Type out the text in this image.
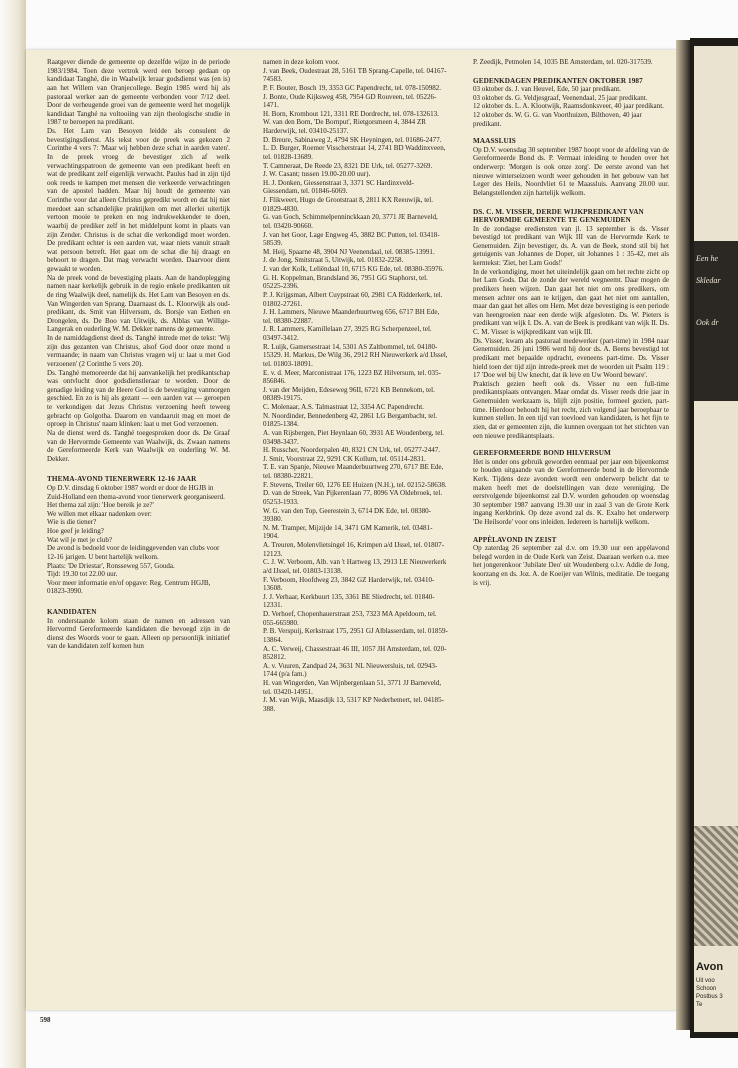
Een he
Skledar
Ook dr
Avon
Uit voo
Schoon
Postbus 3
Te

Raatgever diende de gemeente op dezelfde wijze in de periode 1983/1984. Toen deze vertrok werd een beroep gedaan op kandidaat Tanghé, die in Waalwijk leraar godsdienst was (en is) aan het Willem van Oranjecollege. Begin 1985 werd hij als pastoraal werker aan de gemeente verbonden voor 7/12 deel. Door de verheugende groei van de gemeente werd het mogelijk kandidaat Tanghé na voltooiing van zijn theologische studie in 1987 te beroepen na predikant.

Ds. Het Lam van Besoyen leidde als consulent de bevestigingsdienst. Als tekst voor de preek was gekozen 2 Corinthe 4 vers 7: 'Maar wij hebben deze schat in aarden vaten'. In de preek vroeg de bevestiger zich af welk verwachtingspatroon de gemeente van een predikant heeft en wat de predikant zelf eigenlijk verwacht. Paulus had in zijn tijd ook reeds te kampen met mensen die verkeerde verwachtingen van de apostel hadden. Maar hij houdt de gemeente van Corinthe voor dat alleen Christus gepredikt wordt en dat hij niet meedoet aan schandelijke praktijken om met allerlei uiterlijk vertoon mooie te preken en nog indrukwekkender te doen, waarbij de prediker zelf in het middelpunt komt in plaats van zijn Zender. Christus is de schat die verkondigd moet worden. De predikant echter is een aarden vat, waar niets vanuit straalt wat persoon betreft. Het gaat om de schat die hij draagt en behoort te dragen. Dat mag verwacht worden. Daarvoor dient gewaakt te worden.

Na de preek vond de bevestiging plaats. Aan de handoplegging namen naar kerkelijk gebruik in de regio enkele predikanten uit de ring Waalwijk deel, namelijk ds. Het Lam van Besoyen en ds. Van Wingerden van Sprang. Daarnaast ds. L. Kloorwijk als oud-predikant, ds. Smit van Hilversum, ds. Borsje van Eethen en Drongelen, ds. De Boo van Uitwijk, ds. Alblas van Willige-Langerak en ouderling W. M. Dekker namens de gemeente.

In de namiddagdienst deed ds. Tanghé intrede met de tekst: 'Wij zijn dus gezanten van Christus, alsof God door onze mond u vermaande; in naam van Christus vragen wij u: laat u met God verzoenen' (2 Corinthe 5 vers 20).

Ds. Tanghé memoreerde dat hij aanvankelijk het predikantschap was ontvlucht door godsdienstleraar te worden. Door de genadige leiding van de Heere God is de bevestiging vanmorgen geschied. En zo is hij als gezant — een aarden vat — geroepen te verkondigen dat Jezus Christus verzoening heeft teweeg gebracht op Golgotha. Daarom en vandaaruit mag en moet de oproep in Christus' naam klinken: laat u met God verzoenen.

Na de dienst werd ds. Tanghé toegesproken door ds. De Graaf van de Hervormde Gemeente van Waalwijk, ds. Zwaan namens de Gereformeerde Kerk van Waalwijk en ouderling W. M. Dekker.

THEMA-AVOND TIENERWERK 12-16 JAAR

Op D.V. dinsdag 6 oktober 1987 wordt er door de HGJB in Zuid-Holland een thema-avond voor tienerwerk georganiseerd.

Het thema zal zijn: 'Hoe bereik je ze?'

We willen met elkaar nadenken over:

Wie is die tiener?

Hoe geef je leiding?

Wat wil je met je club?

De avond is bedoeld voor de leidinggevenden van clubs voor 12-16 jarigen. U bent hartelijk welkom.

Plaats: 'De Driestar', Ronsseweg 557, Gouda.

Tijd: 19.30 tot 22.00 uur.

Voor meer informatie en/of opgave: Reg. Centrum HGJB, 01823-3990.

KANDIDATEN

In onderstaande kolom staan de namen en adressen van Hervormd Gereformeerde kandidaten die bevoegd zijn in de dienst des Woords voor te gaan. Alleen op persoonlijk initiatief van de kandidaten zelf komen hun

namen in deze kolom voor.

J. van Beek, Oudestraat 28, 5161 TB Sprang-Capelle, tel. 04167-74583.

P. F. Bouter, Bosch 19, 3353 GC Papendrecht, tel. 078-150982.

J. Bonte, Oude Kijksweg 458, 7954 GD Rouveen, tel. 05226-1471.

H. Born, Kromhout 121, 3311 RE Dordrecht, tel. 078-132613.

W. van den Born, 'De Bornput', Rietgorsmeen 4, 3844 ZR Harderwijk, tel. 03410-25137.

D. Breure, Sabinaweg 2, 4794 SK Heyningen, tel. 01686-2477.

L. D. Burger, Roemer Visscherstraat 14, 2741 BD Waddinxveen, tel. 01828-13689.

T. Camneraat, De Reede 23, 8321 DE Urk, tel. 05277-3269.

J. W. Casant; tussen 19.00-20.00 uur).

H. J. Donken, Giessenstraat 3, 3371 SC Hardinxveld-Giessendam, tel. 01846-6069.

J. Flikweert, Hugo de Grootstraat 8, 2811 KX Reeuwijk, tel. 01829-4830.

G. van Goch, Schimmelpenninckkaan 20, 3771 JE Barneveld, tel. 03420-90660.

J. van het Goor, Lage Engweg 45, 3882 BC Putten, tel. 03418-58539.

M. Heij, Spaarne 48, 3904 NJ Veenendaal, tel. 08385-13991.

J. de Jong, Smitstraat 5, Uitwijk, tel. 01832-2258.

J. van der Kolk, Leliëndaal 10, 6715 KG Ede, tel. 08380-35976.

G. H. Koppelman, Brandsland 36, 7951 GG Staphorst, tel. 05225-2396.

P. J. Krijgsman, Albert Cuypstraat 60, 2981 CA Ridderkerk, tel. 01802-27261.

J. H. Lammers, Nieuwe Maanderbuurtweg 656, 6717 BH Ede, tel. 08380-22887.

J. R. Lammers, Kamillelaan 27, 3925 RG Scherpenzeel, tel. 03497-3412.

R. Luijk, Gamersestraat 14, 5301 AS Zaltbommel, tel. 04180-15329. H. Markus, De Wilg 36, 2912 RH Nieuwerkerk a/d IJssel, tel. 01803-18091.

E. v. d. Meer, Marconistraat 176, 1223 BZ Hilversum, tel. 035-856846.

J. van der Meijden, Edeseweg 96II, 6721 KB Bennekom, tel. 08389-19175.

C. Molenaar, A.S. Talmastraat 12, 3354 AC Papendrecht.

N. Noordinder, Bennedenberg 42, 2861 LG Bergambacht, tel. 01825-1384.

A. van Rijsbergen, Piet Heynlaan 60, 3931 AE Woudenberg, tel. 03498-3437.

H. Russcher, Noorderpalen 40, 8321 CN Urk, tel. 05277-2447.

J. Smit, Voorstraat 22, 9291 CK Kollum, tel. 05114-2831.

T. E. van Spanje, Nieuwe Maanderbuurtweg 270, 6717 BE Ede, tel. 08380-22821.

F. Stevens, Treiler 60, 1276 EE Huizen (N.H.), tel. 02152-58638.

D. van de Streek, Van Pijkerenlaan 77, 8096 VA Oldebroek, tel. 05253-1933.

W. G. van den Top, Geerestein 3, 6714 DK Ede, tel. 08380-39380.

N. M. Tramper, Mijzijde 14, 3471 GM Kamerik, tel. 03481-1904.

A. Treuren, Molenvlietsingel 16, Krimpen a/d IJssel, tel. 01807-12123.

C. J. W. Verboom, Alb. van 't Hartweg 13, 2913 LE Nieuwerkerk a/d IJssel, tel. 01803-13138.

F. Verboom, Hoofdweg 23, 3842 GZ Harderwijk, tel. 03410-13608.

J. J. Verhaar, Kerkbuurt 135, 3361 BE Sliedrecht, tel. 01840-12331.

D. Verhoef, Chopenhauerstraat 253, 7323 MA Apeldoorn, tel. 055-665980.

P. B. Verspuij, Kerkstraat 175, 2951 GJ Alblasserdam, tel. 01859-13864.

A. C. Verweij, Chassestraat 46 III, 1057 JH Amsterdam, tel. 020-852812.

A. v. Vuuren, Zandpad 24, 3631 NL Nieuwersluis, tel. 02943-1744 (p/a fam.)

H. van Wingerden, Van Wijnbergenlaan 51, 3771 JJ Barneveld, tel. 03420-14951.

J. M. van Wijk, Maasdijk 13, 5317 KP Nederhemert, tel. 04185-388.

P. Zeedijk, Petmolen 14, 1035 BE Amsterdam, tel. 020-317539.

GEDENKDAGEN PREDIKANTEN OKTOBER 1987

03 oktober ds. J. van Heuvel, Ede, 50 jaar predikant.

03 oktober ds. G. Veldjesgraaf, Veenendaal, 25 jaar predikant.

12 oktober ds. L. A. Klootwijk, Raamsdonksveer, 40 jaar predikant.

12 oktober ds. W. G. G. van Voorthuizen, Bilthoven, 40 jaar predikant.

MAASSLUIS

Op D.V. woensdag 30 september 1987 hoopt voor de afdeling van de Gereformeerde Bond ds. P. Vermaat inleiding te houden over het onderwerp: 'Morgen is ook onze zorg'. De eerste avond van het nieuwe winterseizoen wordt weer gehouden in het gebouw van het Leger des Heils, Noordvliet 61 te Maassluis. Aanvang 20.00 uur. Belangstellenden zijn hartelijk welkom.

DS. C. M. VISSER, DERDE WIJKPREDIKANT VAN HERVORMDE GEMEENTE TE GENEMUIDEN

In de zondagse erediensten van jl. 13 september is ds. Visser bevestigd tot predikant van Wijk III van de Hervormde Kerk te Genemuiden. Zijn bevestiger, ds. A. van de Beek, stond stil bij het getuigenis van Johannes de Doper, uit Johannes 1 : 35-42, met als kerntekst: 'Ziet, het Lam Gods!'

In de verkondiging, moet het uiteindelijk gaan om het rechte zicht op het Lam Gods. Dat de zonde der wereld wegneemt. Daar mogen de predikers heen wijzen. Dan gaat het niet om ons predikers, om mensen achter ons aan te krijgen, dan gaat het niet om aantallen, maar dan gaat het alles om Hem. Met deze bevestiging is een periode van heengroeien naar een derde wijk afgesloten. Ds. W. Pieters is predikant van wijk I. Ds. A. van de Beek is predikant van wijk II. Ds. C. M. Visser is wijkpredikant van wijk III.

Ds. Visser, kwam als pastoraal medewerker (part-time) in 1984 naar Genemuiden. 26 juni 1986 werd hij door ds. A. Beens bevestigd tot predikant met bepaalde opdracht, eveneens part-time. Ds. Visser hield toen der tijd zijn intrede-preek met de woorden uit Psalm 119 : 17 'Doe wel bij Uw knecht, dat ik leve en Uw Woord beware'.

Praktisch gezien heeft ook ds. Visser nu een full-time predikantsplaats ontvangen. Maar omdat ds. Visser reeds drie jaar in Genemuiden werkzaam is, blijft zijn positie, formeel gezien, part-time. Hierdoor behoudt hij het recht, zich volgend jaar beroepbaar te kunnen stellen. In een tijd van toevloed van kandidaten, is het fijn te zien, dat er gemeenten zijn, die kunnen overgaan tot het stichten van een nieuwe predikantsplaats.

GEREFORMEERDE BOND HILVERSUM

Het is onder ons gebruik geworden eenmaal per jaar een bijeenkomst te houden uitgaande van de Gereformeerde bond in de Hervormde Kerk. Tijdens deze avonden wordt een onderwerp belicht dat te maken heeft met de doelstellingen van deze vereniging. De eerstvolgende bijeenkomst zal D.V. worden gehouden op woensdag 30 september 1987 aanvang 19.30 uur in zaal 3 van de Grote Kerk ingang Kerkbrink. Op deze avond zal ds. K. Exalto het onderwerp 'De Heilsorde' voor ons inleiden. Iedereen is hartelijk welkom.

APPÈLAVOND IN ZEIST

Op zaterdag 26 september zal d.v. om 19.30 uur een appèlavond belegd worden in de Oude Kerk van Zeist. Daaraan werken o.a. mee het jongerenkoor 'Jubilate Deo' uit Woudenberg o.l.v. Addie de Jong, koorzang en ds. Joz. A. de Koeijer van Wilnis, meditatie. De toegang is vrij.

598
